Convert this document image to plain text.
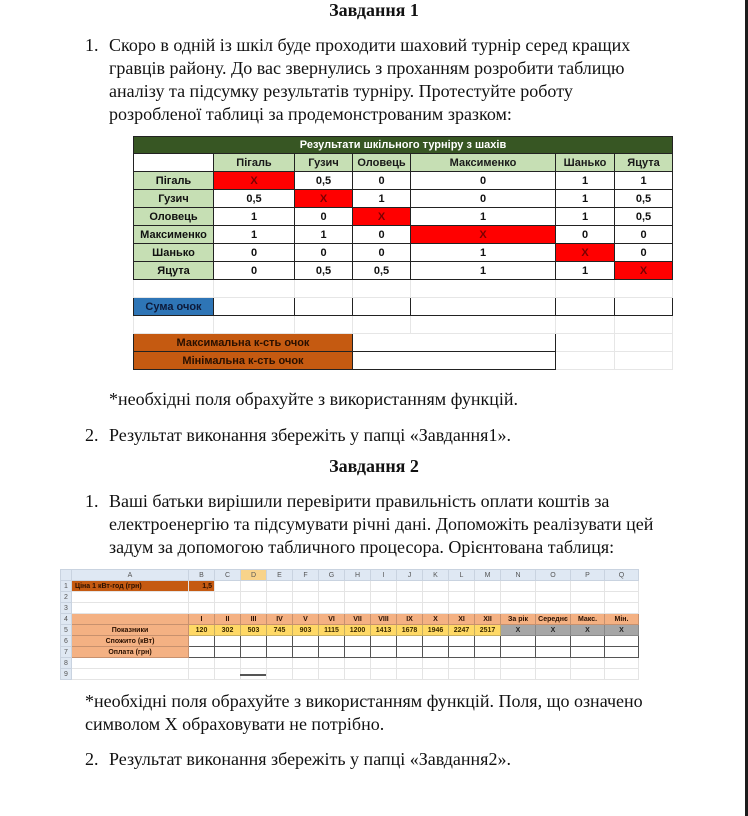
Завдання 1
1. Скоро в одній із шкіл буде проходити шаховий турнір серед кращих
гравців району. До вас звернулись з проханням розробити таблицю
аналізу та підсумку результатів турніру. Протестуйте роботу
розробленої таблиці за продемонстрованим зразком:
Результати шкільного турніру з шахів						
	Пігаль	Гузич	Оловець	Максименко	Шанько	Яцута
Пігаль	X	0,5	0	0	1	1
Гузич	0,5	X	1	0	1	0,5
Оловець	1	0	X	1	1	0,5
Максименко	1	1	0	X	0	0
Шанько	0	0	0	1	X	0
Яцута	0	0,5	0,5	1	1	X

Сума очок						

Максимальна к-сть очок						
Мінімальна к-сть очок						
*необхідні поля обрахуйте з використанням функцій.
2. Результат виконання збережіть у папці «Завдання1».
Завдання 2
1. Ваші батьки вирішили перевірити правильність оплати коштів за
електроенергію та підсумувати річні дані. Допоможіть реалізувати цей
задум за допомогою табличного процесора. Орієнтована таблиця:
	A	B	C	D	E	F	G	H	I	J	K	L	M	N	O	P	Q
1	Ціна 1 кВт-год (грн)	1,5															
2																	
3																	
4		I	II	III	IV	V	VI	VII	VIII	IX	X	XI	XII	За рік	Середнє	Макс.	Мін.
5	Показники	120	302	503	745	903	1115	1200	1413	1678	1946	2247	2517	X	X	X	X
6	Спожито (кВт)																
7	Оплата (грн)																
8																	
9																	
*необхідні поля обрахуйте з використанням функцій. Поля, що означено
символом Х обраховувати не потрібно.
2. Результат виконання збережіть у папці «Завдання2».
